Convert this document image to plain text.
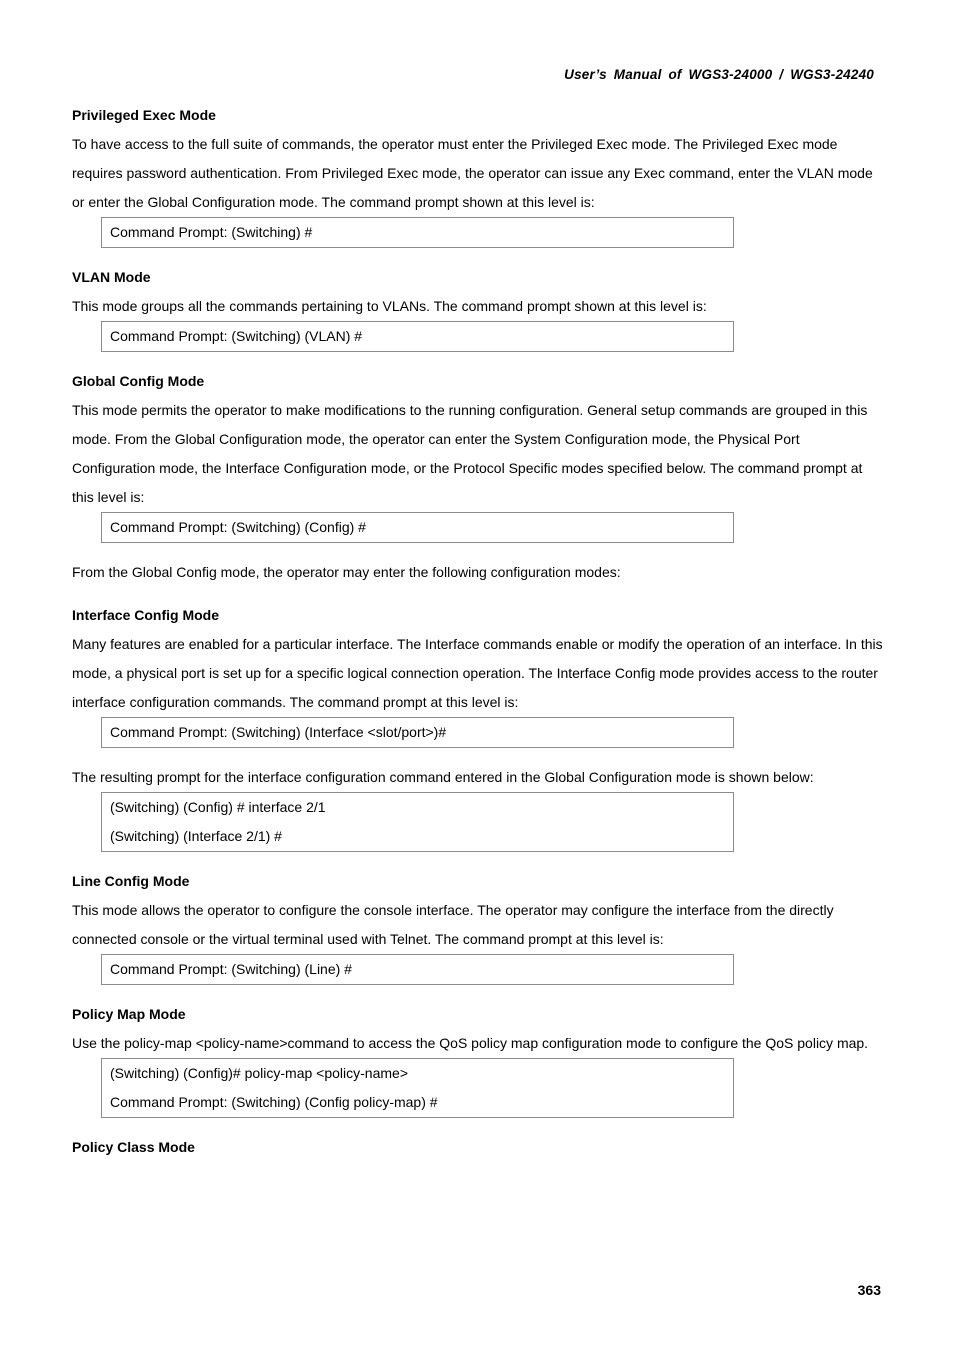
User’s Manual of WGS3-24000 / WGS3-24240
Privileged Exec Mode
To have access to the full suite of commands, the operator must enter the Privileged Exec mode. The Privileged Exec mode requires password authentication. From Privileged Exec mode, the operator can issue any Exec command, enter the VLAN mode or enter the Global Configuration mode. The command prompt shown at this level is:
Command Prompt: (Switching) #
VLAN Mode
This mode groups all the commands pertaining to VLANs. The command prompt shown at this level is:
Command Prompt: (Switching) (VLAN) #
Global Config Mode
This mode permits the operator to make modifications to the running configuration. General setup commands are grouped in this mode. From the Global Configuration mode, the operator can enter the System Configuration mode, the Physical Port Configuration mode, the Interface Configuration mode, or the Protocol Specific modes specified below. The command prompt at this level is:
Command Prompt: (Switching) (Config) #
From the Global Config mode, the operator may enter the following configuration modes:
Interface Config Mode
Many features are enabled for a particular interface. The Interface commands enable or modify the operation of an interface. In this mode, a physical port is set up for a specific logical connection operation. The Interface Config mode provides access to the router interface configuration commands. The command prompt at this level is:
Command Prompt: (Switching) (Interface <slot/port>)#
The resulting prompt for the interface configuration command entered in the Global Configuration mode is shown below:
(Switching) (Config) # interface 2/1
(Switching) (Interface 2/1) #
Line Config Mode
This mode allows the operator to configure the console interface. The operator may configure the interface from the directly connected console or the virtual terminal used with Telnet. The command prompt at this level is:
Command Prompt: (Switching) (Line) #
Policy Map Mode
Use the policy-map <policy-name>command to access the QoS policy map configuration mode to configure the QoS policy map.
(Switching) (Config)# policy-map <policy-name>
Command Prompt: (Switching) (Config policy-map) #
Policy Class Mode
363
